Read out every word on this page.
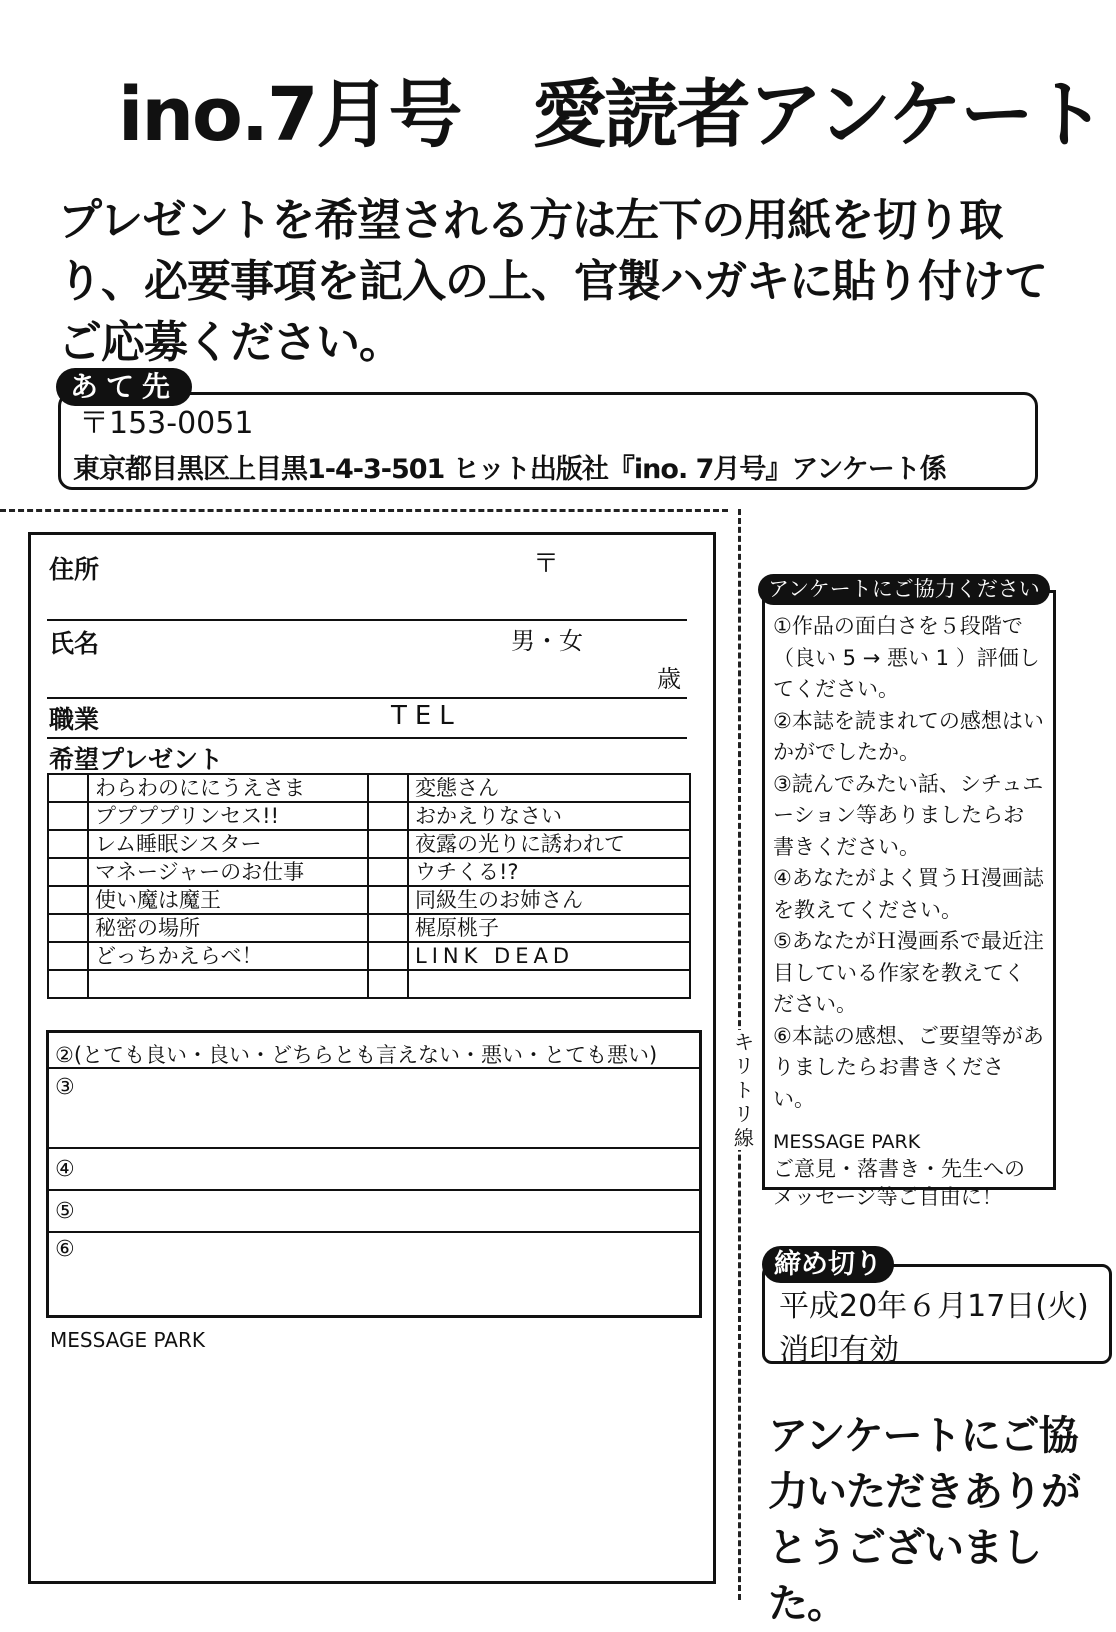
ino.7月号　愛読者アンケート
プレゼントを希望される方は左下の用紙を切り取り、必要事項を記入の上、官製ハガキに貼り付けてご応募ください。
〒153-0051
東京都目黒区上目黒1-4-3-501 ヒット出版社『ino. 7月号』アンケート係
あて先
キ
リ
ト
リ
線
住所	〒
氏名	男・女
歳
職業	TEL
希望プレゼント
	わらわのににうえさま		変態さん
	ププププリンセス!!		おかえりなさい
	レム睡眠シスター		夜露の光りに誘われて
	マネージャーのお仕事		ウチくる!?
	使い魔は魔王		同級生のお姉さん
	秘密の場所		梶原桃子
	どっちかえらべ！		LINK DEAD

②(とても良い・良い・どちらとも言えない・悪い・とても悪い)
③
④
⑤
⑥
MESSAGE PARK

①作品の面白さを５段階で（良い 5 → 悪い 1 ）評価してください。

②本誌を読まれての感想はいかがでしたか。

③読んでみたい話、シチュエーション等ありましたらお書きください。

④あなたがよく買うＨ漫画誌を教えてください。

⑤あなたがＨ漫画系で最近注目している作家を教えてください。

⑥本誌の感想、ご要望等がありましたらお書きください。

MESSAGE PARK

ご意見・落書き・先生へのメッセージ等ご自由に！

アンケートにご協力ください
平成20年６月17日(火)
消印有効
締め切り
アンケートにご協力いただきありがとうございました。
